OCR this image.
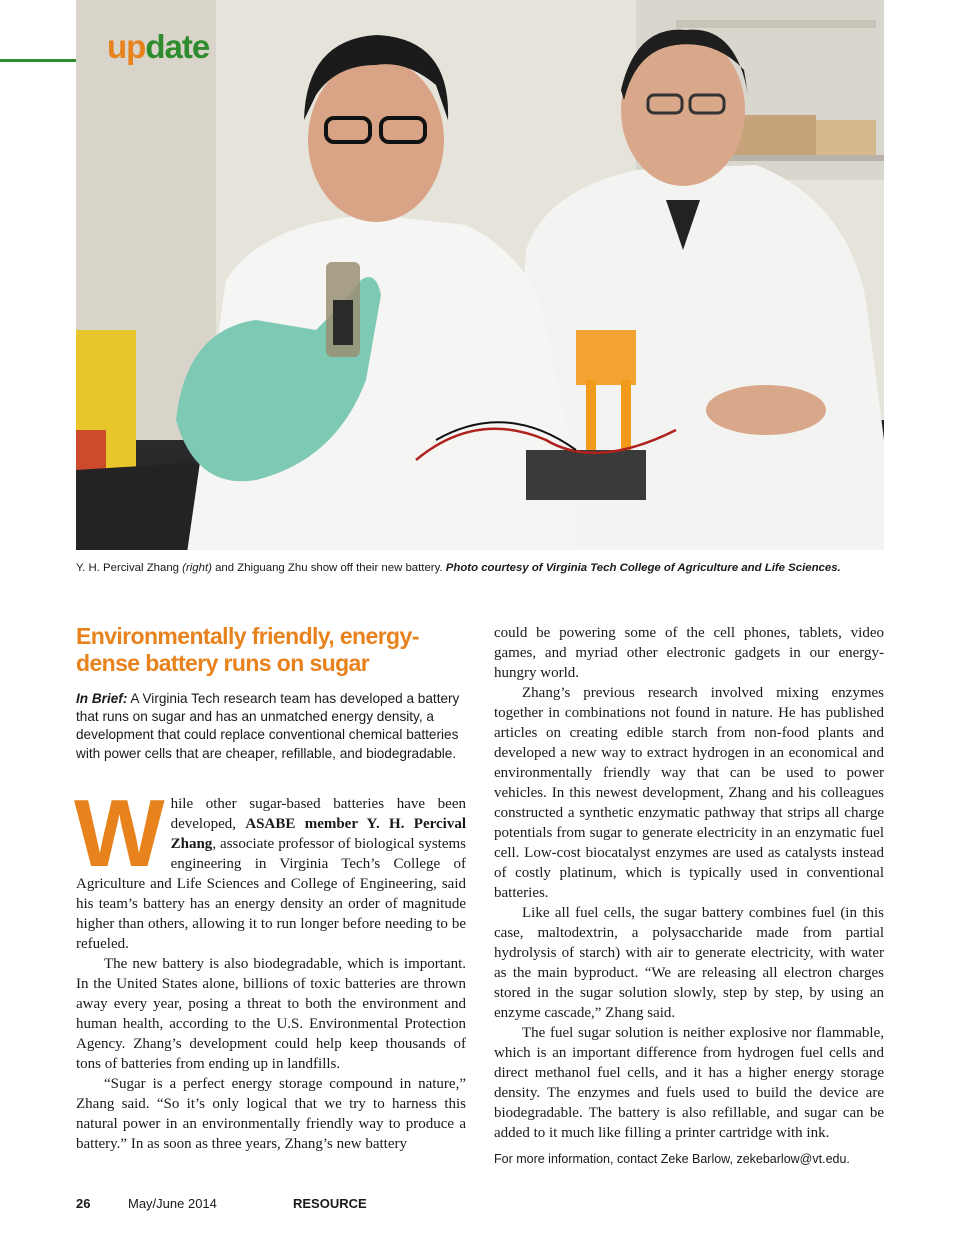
update
Y. H. Percival Zhang (right) and Zhiguang Zhu show off their new battery. Photo courtesy of Virginia Tech College of Agriculture and Life Sciences.
Environmentally friendly, energy-dense battery runs on sugar
In Brief: A Virginia Tech research team has developed a battery that runs on sugar and has an unmatched energy density, a development that could replace conventional chemical batteries with power cells that are cheaper, refillable, and biodegradable.

While other sugar-based batteries have been developed, ASABE member Y. H. Percival Zhang, associate professor of biological systems engineering in Virginia Tech’s College of Agriculture and Life Sciences and College of Engineering, said his team’s battery has an energy density an order of magnitude higher than others, allowing it to run longer before needing to be refueled.

The new battery is also biodegradable, which is important. In the United States alone, billions of toxic batteries are thrown away every year, posing a threat to both the environment and human health, according to the U.S. Environmental Protection Agency. Zhang’s development could help keep thousands of tons of batteries from ending up in landfills.

“Sugar is a perfect energy storage compound in nature,” Zhang said. “So it’s only logical that we try to harness this natural power in an environmentally friendly way to produce a battery.” In as soon as three years, Zhang’s new battery

could be powering some of the cell phones, tablets, video games, and myriad other electronic gadgets in our energy-hungry world.

Zhang’s previous research involved mixing enzymes together in combinations not found in nature. He has published articles on creating edible starch from non-food plants and developed a new way to extract hydrogen in an economical and environmentally friendly way that can be used to power vehicles. In this newest development, Zhang and his colleagues constructed a synthetic enzymatic pathway that strips all charge potentials from sugar to generate electricity in an enzymatic fuel cell. Low-cost biocatalyst enzymes are used as catalysts instead of costly platinum, which is typically used in conventional batteries.

Like all fuel cells, the sugar battery combines fuel (in this case, maltodextrin, a polysaccharide made from partial hydrolysis of starch) with air to generate electricity, with water as the main byproduct. “We are releasing all electron charges stored in the sugar solution slowly, step by step, by using an enzyme cascade,” Zhang said.

The fuel sugar solution is neither explosive nor flammable, which is an important difference from hydrogen fuel cells and direct methanol fuel cells, and it has a higher energy storage density. The enzymes and fuels used to build the device are biodegradable. The battery is also refillable, and sugar can be added to it much like filling a printer cartridge with ink.

For more information, contact Zeke Barlow, zekebarlow@vt.edu.

26	May/June 2014	RESOURCE
